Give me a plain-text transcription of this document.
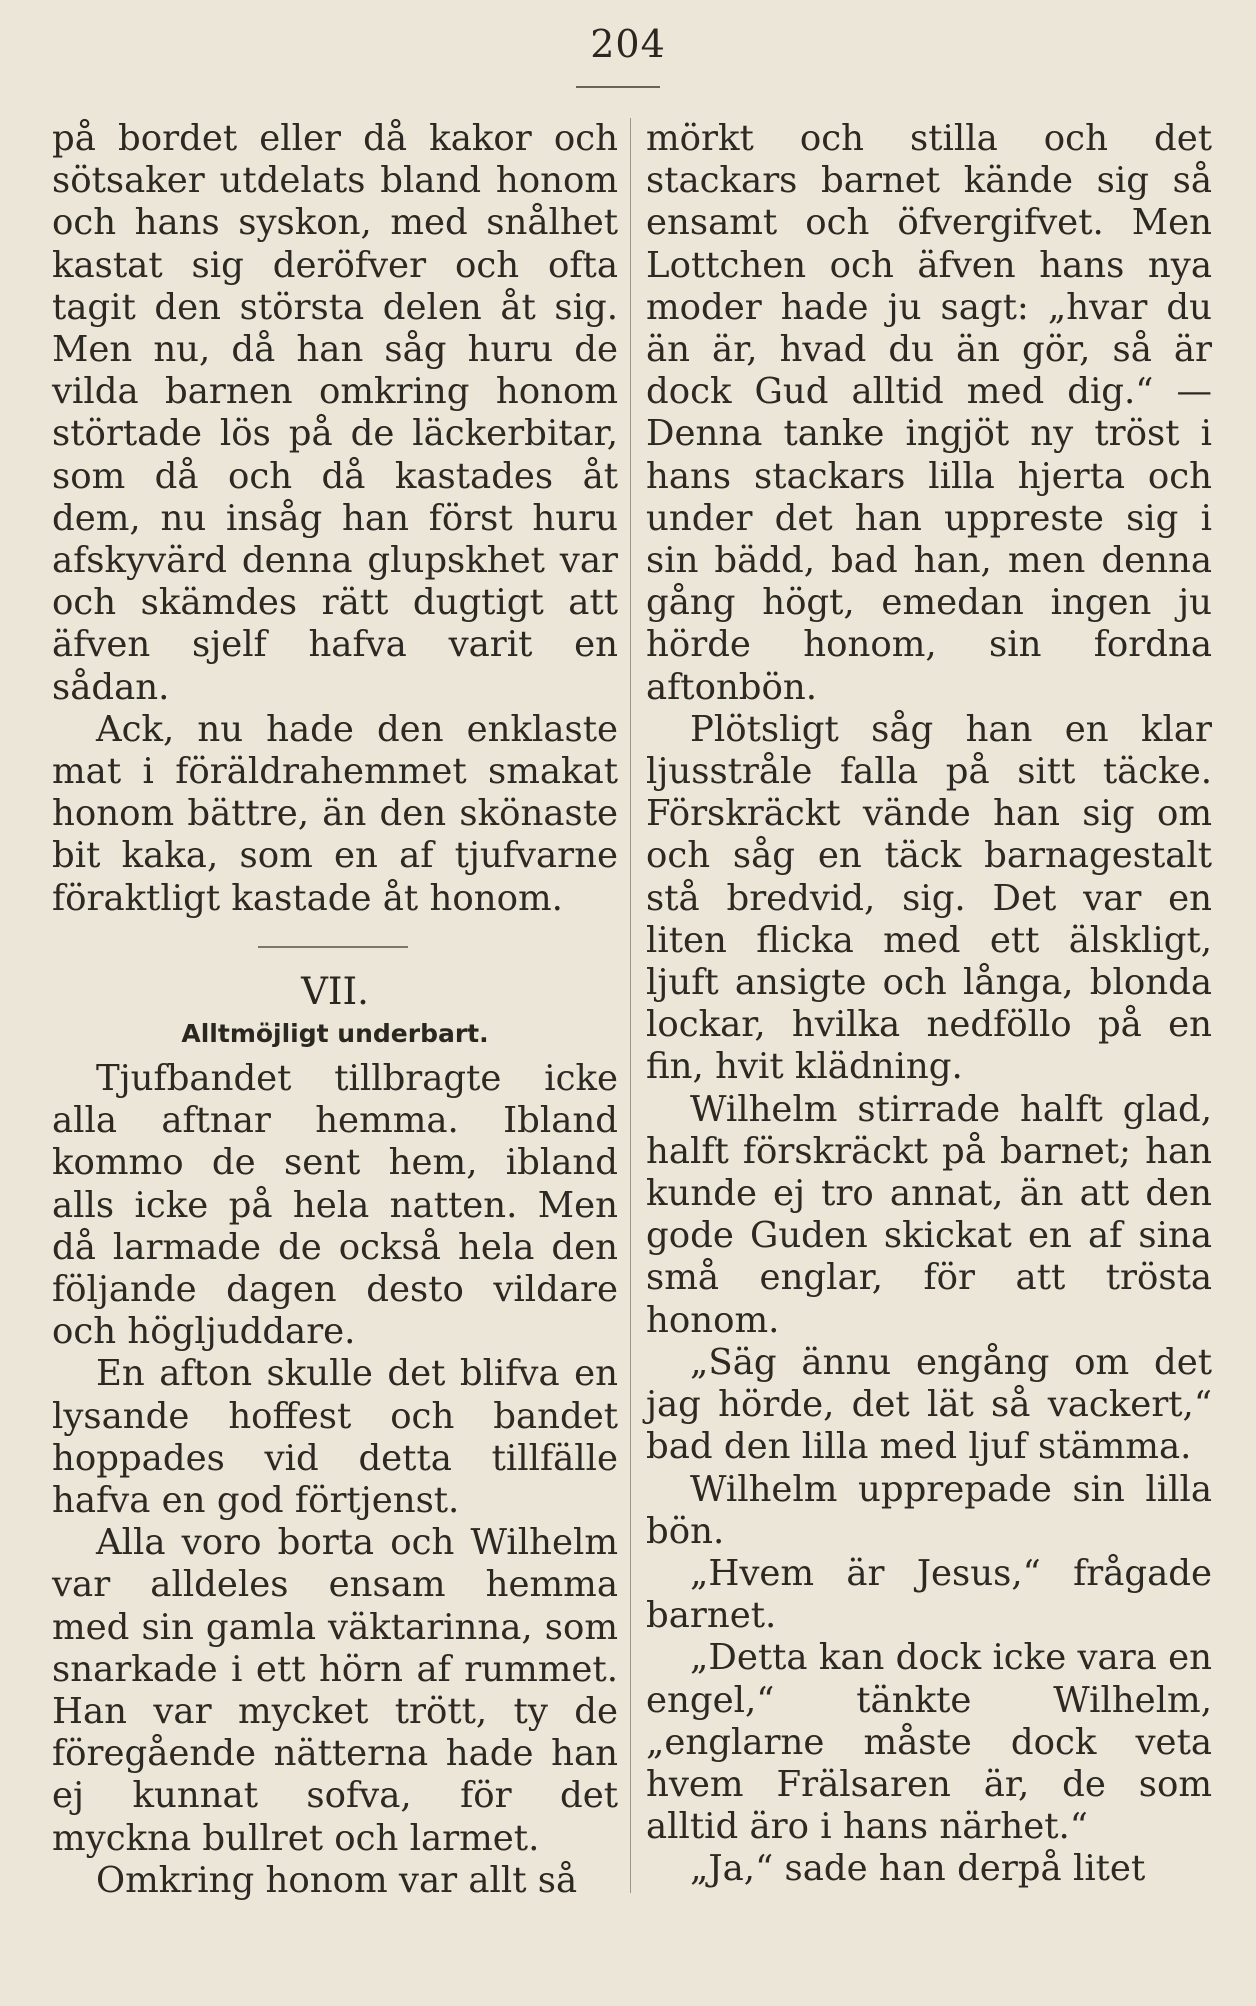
204

på bordet eller då kakor och sötsaker utdelats bland honom och hans syskon, med snålhet kastat sig deröfver och ofta tagit den största delen åt sig. Men nu, då han såg huru de vilda barnen omkring honom störtade lös på de läckerbitar, som då och då kastades åt dem, nu insåg han först huru afskyvärd denna glupskhet var och skämdes rätt dugtigt att äfven sjelf hafva varit en sådan.

Ack, nu hade den enklaste mat i föräldrahemmet smakat honom bättre, än den skönaste bit kaka, som en af tjufvarne föraktligt kastade åt honom.

VII.
Alltmöjligt underbart.

Tjufbandet tillbragte icke alla aftnar hemma. Ibland kommo de sent hem, ibland alls icke på hela natten. Men då larmade de också hela den följande dagen desto vildare och högljuddare.

En afton skulle det blifva en lysande hoffest och bandet hoppades vid detta tillfälle hafva en god förtjenst.

Alla voro borta och Wilhelm var alldeles ensam hemma med sin gamla väktarinna, som snarkade i ett hörn af rummet. Han var mycket trött, ty de föregående nätterna hade han ej kunnat sofva, för det myckna bullret och larmet.

Omkring honom var allt så

mörkt och stilla och det stackars barnet kände sig så ensamt och öfvergifvet. Men Lottchen och äfven hans nya moder hade ju sagt: „hvar du än är, hvad du än gör, så är dock Gud alltid med dig.“ — Denna tanke ingjöt ny tröst i hans stackars lilla hjerta och under det han uppreste sig i sin bädd, bad han, men denna gång högt, emedan ingen ju hörde honom, sin fordna aftonbön.

Plötsligt såg han en klar ljusstråle falla på sitt täcke. Förskräckt vände han sig om och såg en täck barnagestalt stå bredvid, sig. Det var en liten flicka med ett älskligt, ljuft ansigte och långa, blonda lockar, hvilka nedföllo på en fin, hvit klädning.

Wilhelm stirrade halft glad, halft förskräckt på barnet; han kunde ej tro annat, än att den gode Guden skickat en af sina små englar, för att trösta honom.

„Säg ännu engång om det jag hörde, det lät så vackert,“ bad den lilla med ljuf stämma.

Wilhelm upprepade sin lilla bön.

„Hvem är Jesus,“ frågade barnet.

„Detta kan dock icke vara en engel,“ tänkte Wilhelm, „englarne måste dock veta hvem Frälsaren är, de som alltid äro i hans närhet.“

„Ja,“ sade han derpå litet
